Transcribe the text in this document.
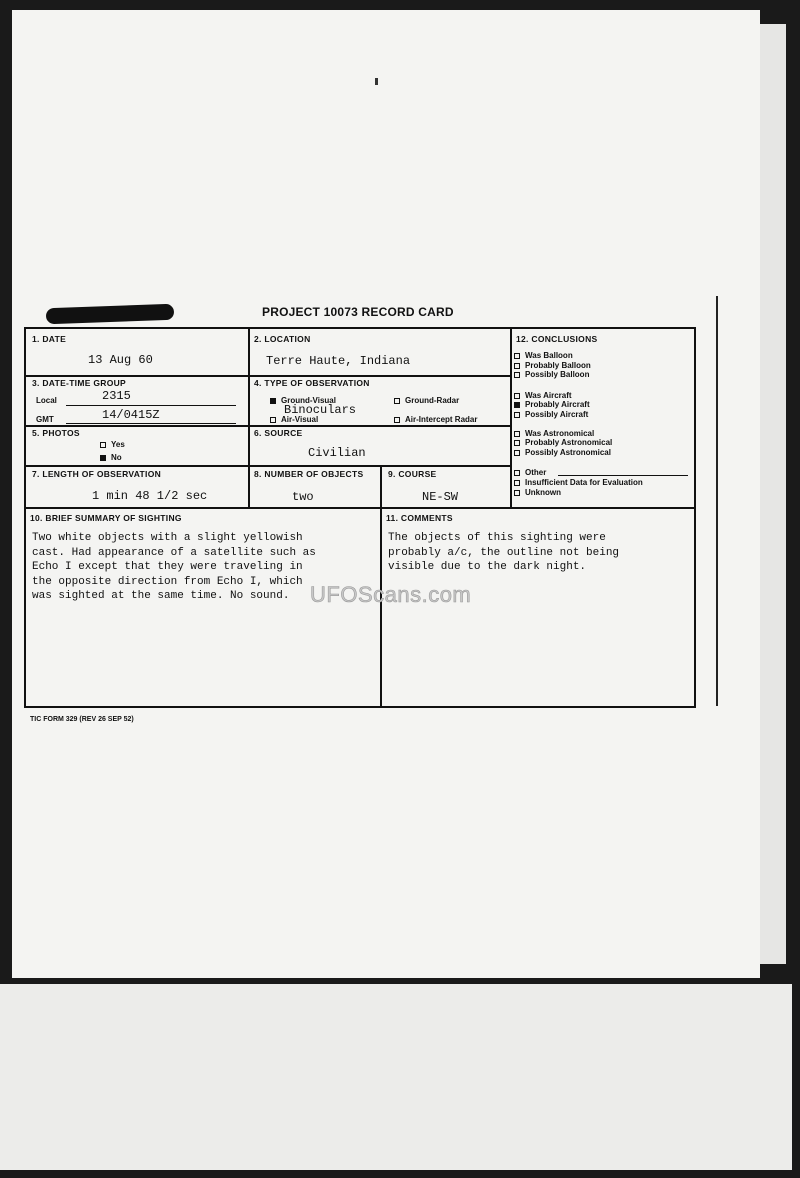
PROJECT 10073 RECORD CARD
1. DATE
13 Aug 60
2. LOCATION
Terre Haute, Indiana
3. DATE-TIME GROUP
Local	2315
GMT	14/0415Z
4. TYPE OF OBSERVATION
Ground-Visual	Ground-Radar
Binoculars
Air-Visual	Air-Intercept Radar
5. PHOTOS
Yes
No
6. SOURCE
Civilian
7. LENGTH OF OBSERVATION
1 min 48 1/2 sec
8. NUMBER OF OBJECTS
two
9. COURSE
NE-SW
10. BRIEF SUMMARY OF SIGHTING
Two white objects with a slight yellowish
cast. Had appearance of a satellite such as
Echo I except that they were traveling in
the opposite direction from Echo I, which
was sighted at the same time. No sound.
11. COMMENTS
The objects of this sighting were
probably a/c, the outline not being
visible due to the dark night.
12. CONCLUSIONS
Was Balloon
Probably Balloon
Possibly Balloon
Was Aircraft
Probably Aircraft
Possibly Aircraft
Was Astronomical
Probably Astronomical
Possibly Astronomical
Other
Insufficient Data for Evaluation
Unknown
UFOScans.com
TIC FORM 329 (REV 26 SEP 52)
